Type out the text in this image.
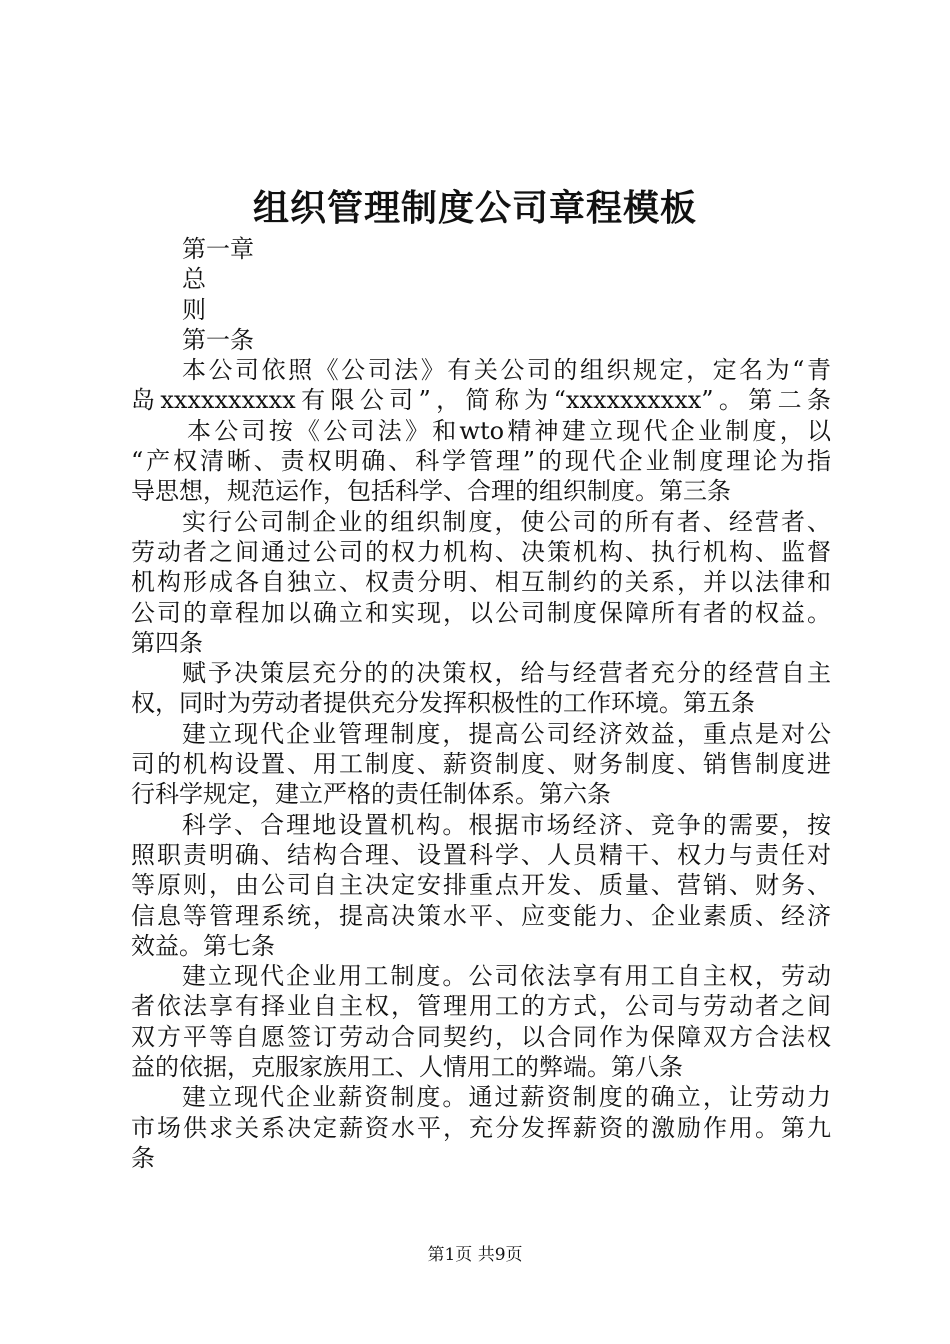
组织管理制度公司章程模板
第一章
总
则
第一条
本公司依照《公司法》有关公司的组织规定，定名为“青
岛xxxxxxxxxx有限公司”，简称为“xxxxxxxxxx”。第二条
本公司按《公司法》和wto精神建立现代企业制度，以
“产权清晰、责权明确、科学管理”的现代企业制度理论为指
导思想，规范运作，包括科学、合理的组织制度。第三条
实行公司制企业的组织制度，使公司的所有者、经营者、
劳动者之间通过公司的权力机构、决策机构、执行机构、监督
机构形成各自独立、权责分明、相互制约的关系，并以法律和
公司的章程加以确立和实现，以公司制度保障所有者的权益。
第四条
赋予决策层充分的的决策权，给与经营者充分的经营自主
权，同时为劳动者提供充分发挥积极性的工作环境。第五条
建立现代企业管理制度，提高公司经济效益，重点是对公
司的机构设置、用工制度、薪资制度、财务制度、销售制度进
行科学规定，建立严格的责任制体系。第六条
科学、合理地设置机构。根据市场经济、竞争的需要，按
照职责明确、结构合理、设置科学、人员精干、权力与责任对
等原则，由公司自主决定安排重点开发、质量、营销、财务、
信息等管理系统，提高决策水平、应变能力、企业素质、经济
效益。第七条
建立现代企业用工制度。公司依法享有用工自主权，劳动
者依法享有择业自主权，管理用工的方式，公司与劳动者之间
双方平等自愿签订劳动合同契约，以合同作为保障双方合法权
益的依据，克服家族用工、人情用工的弊端。第八条
建立现代企业薪资制度。通过薪资制度的确立，让劳动力
市场供求关系决定薪资水平，充分发挥薪资的激励作用。第九
条
第1页 共9页
